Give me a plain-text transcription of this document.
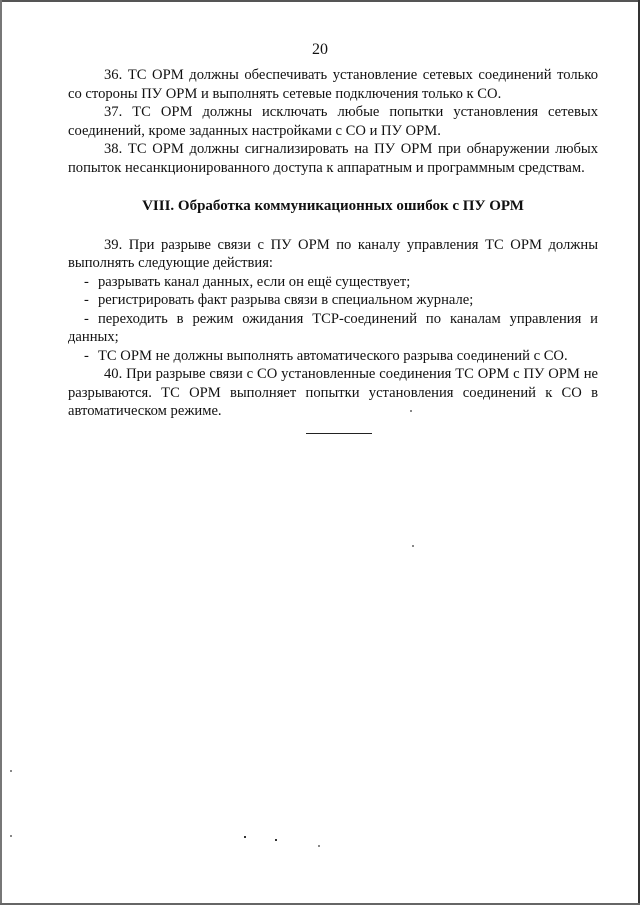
20

36. ТС ОРМ должны обеспечивать установление сетевых соединений только со стороны ПУ ОРМ и выполнять сетевые подключения только к СО.

37. ТС ОРМ должны исключать любые попытки установления сетевых соединений, кроме заданных настройками с СО и ПУ ОРМ.

38. ТС ОРМ должны сигнализировать на ПУ ОРМ при обнаружении любых попыток несанкционированного доступа к аппаратным и программным средствам.

VIII. Обработка коммуникационных ошибок с ПУ ОРМ

39. При разрыве связи с ПУ ОРМ по каналу управления ТС ОРМ должны выполнять следующие действия:

- разрывать канал данных, если он ещё существует;

- регистрировать факт разрыва связи в специальном журнале;

- переходить в режим ожидания TCP-соединений по каналам управления и данных;

- ТС ОРМ не должны выполнять автоматического разрыва соединений с СО.

40. При разрыве связи с СО установленные соединения ТС ОРМ с ПУ ОРМ не разрываются. ТС ОРМ выполняет попытки установления соединений к СО в автоматическом режиме.
